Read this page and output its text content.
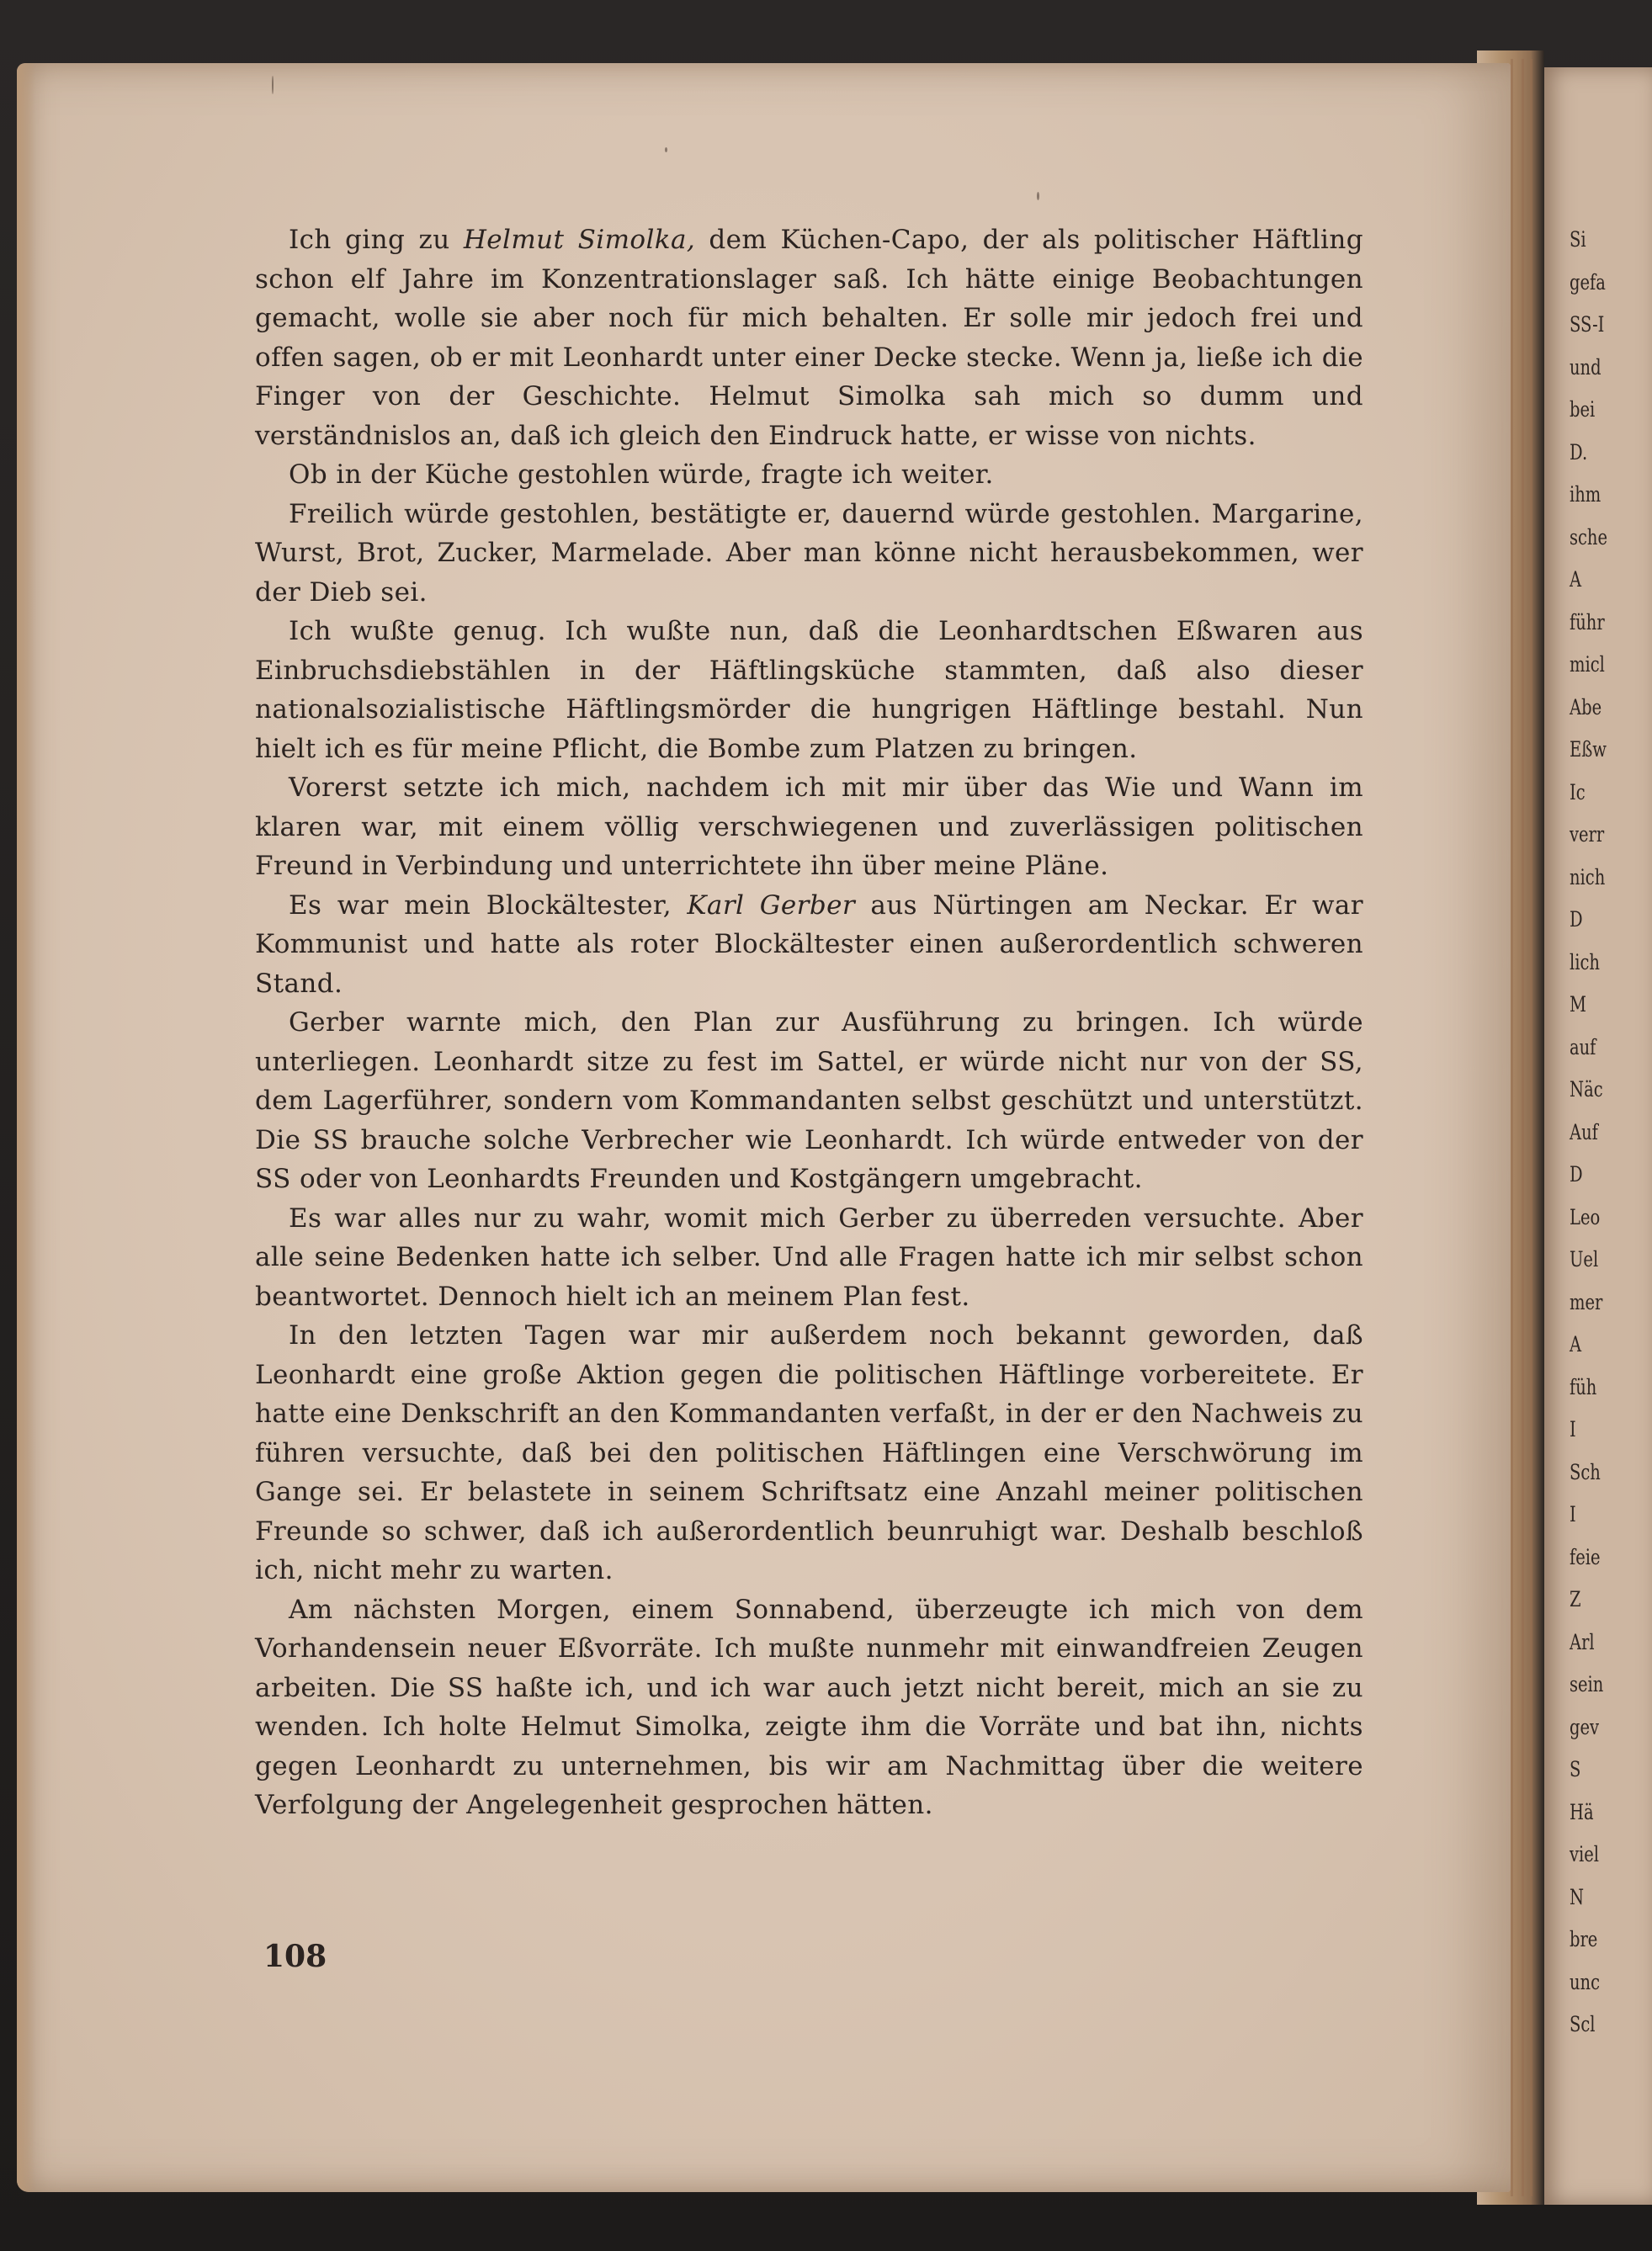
Si
gefa
SS-I
und
bei
D.
ihm
sche
A
führ
micl
Abe
Eßw
Ic
verr
nich
D
lich
M
auf
Näc
Auf
D
Leo
Uel
mer
A
füh
I
Sch
I
feie
Z
Arl
sein
gev
S
Hä
viel
N
bre
unc
Scl

Ich ging zu Helmut Simolka, dem Küchen-Capo, der als politischer Häftling schon elf Jahre im Konzentrationslager saß. Ich hätte einige Beobachtungen gemacht, wolle sie aber noch für mich behalten. Er solle mir jedoch frei und offen sagen, ob er mit Leonhardt unter einer Decke stecke. Wenn ja, ließe ich die Finger von der Geschichte. Helmut Simolka sah mich so dumm und verständnislos an, daß ich gleich den Eindruck hatte, er wisse von nichts.

Ob in der Küche gestohlen würde, fragte ich weiter.

Freilich würde gestohlen, bestätigte er, dauernd würde gestohlen. Margarine, Wurst, Brot, Zucker, Marmelade. Aber man könne nicht herausbekommen, wer der Dieb sei.

Ich wußte genug. Ich wußte nun, daß die Leonhardtschen Eßwaren aus Einbruchsdiebstählen in der Häftlingsküche stammten, daß also dieser nationalsozialistische Häftlingsmörder die hungrigen Häftlinge bestahl. Nun hielt ich es für meine Pflicht, die Bombe zum Platzen zu bringen.

Vorerst setzte ich mich, nachdem ich mit mir über das Wie und Wann im klaren war, mit einem völlig verschwiegenen und zuverlässigen politischen Freund in Verbindung und unterrichtete ihn über meine Pläne.

Es war mein Blockältester, Karl Gerber aus Nürtingen am Neckar. Er war Kommunist und hatte als roter Blockältester einen außerordentlich schweren Stand.

Gerber warnte mich, den Plan zur Ausführung zu bringen. Ich würde unterliegen. Leonhardt sitze zu fest im Sattel, er würde nicht nur von der SS, dem Lagerführer, sondern vom Kommandanten selbst geschützt und unterstützt. Die SS brauche solche Verbrecher wie Leonhardt. Ich würde entweder von der SS oder von Leonhardts Freunden und Kostgängern umgebracht.

Es war alles nur zu wahr, womit mich Gerber zu überreden versuchte. Aber alle seine Bedenken hatte ich selber. Und alle Fragen hatte ich mir selbst schon beantwortet. Dennoch hielt ich an meinem Plan fest.

In den letzten Tagen war mir außerdem noch bekannt geworden, daß Leonhardt eine große Aktion gegen die politischen Häftlinge vorbereitete. Er hatte eine Denkschrift an den Kommandanten verfaßt, in der er den Nachweis zu führen versuchte, daß bei den politischen Häftlingen eine Verschwörung im Gange sei. Er belastete in seinem Schriftsatz eine Anzahl meiner politischen Freunde so schwer, daß ich außerordentlich beunruhigt war. Deshalb beschloß ich, nicht mehr zu warten.

Am nächsten Morgen, einem Sonnabend, überzeugte ich mich von dem Vorhandensein neuer Eßvorräte. Ich mußte nunmehr mit einwandfreien Zeugen arbeiten. Die SS haßte ich, und ich war auch jetzt nicht bereit, mich an sie zu wenden. Ich holte Helmut Simolka, zeigte ihm die Vorräte und bat ihn, nichts gegen Leonhardt zu unternehmen, bis wir am Nachmittag über die weitere Verfolgung der Angelegenheit gesprochen hätten.

108
